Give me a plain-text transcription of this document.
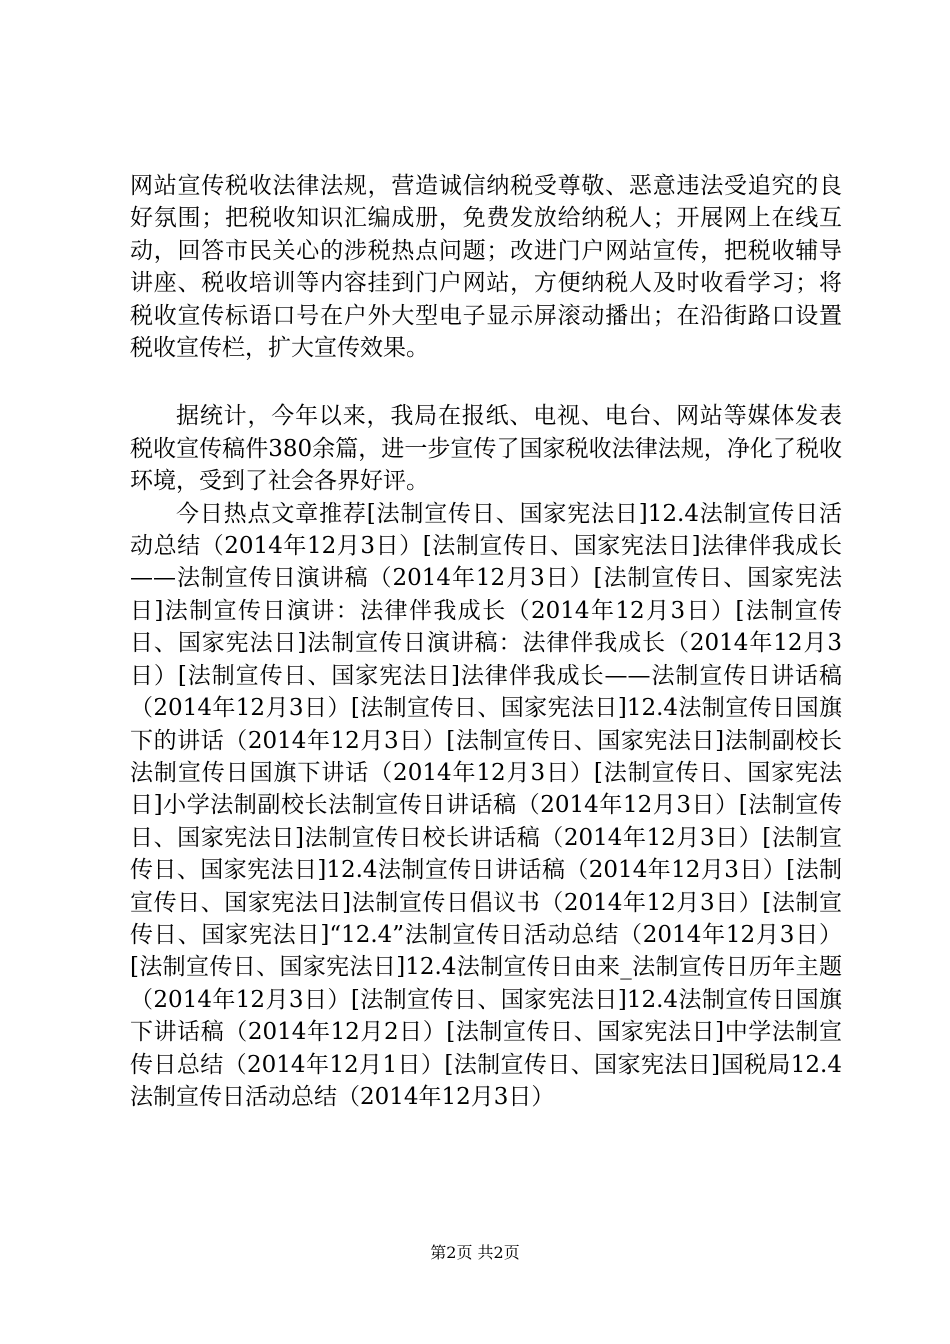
网站宣传税收法律法规，营造诚信纳税受尊敬、恶意违法受追究的良好氛围；把税收知识汇编成册，免费发放给纳税人；开展网上在线互动，回答市民关心的涉税热点问题；改进门户网站宣传，把税收辅导讲座、税收培训等内容挂到门户网站，方便纳税人及时收看学习；将税收宣传标语口号在户外大型电子显示屏滚动播出；在沿街路口设置税收宣传栏，扩大宣传效果。

据统计，今年以来，我局在报纸、电视、电台、网站等媒体发表税收宣传稿件380余篇，进一步宣传了国家税收法律法规，净化了税收环境，受到了社会各界好评。

今日热点文章推荐[法制宣传日、国家宪法日]12.4法制宣传日活动总结（2014年12月3日）[法制宣传日、国家宪法日]法律伴我成长——法制宣传日演讲稿（2014年12月3日）[法制宣传日、国家宪法日]法制宣传日演讲：法律伴我成长（2014年12月3日）[法制宣传日、国家宪法日]法制宣传日演讲稿：法律伴我成长（2014年12月3日）[法制宣传日、国家宪法日]法律伴我成长——法制宣传日讲话稿（2014年12月3日）[法制宣传日、国家宪法日]12.4法制宣传日国旗下的讲话（2014年12月3日）[法制宣传日、国家宪法日]法制副校长法制宣传日国旗下讲话（2014年12月3日）[法制宣传日、国家宪法日]小学法制副校长法制宣传日讲话稿（2014年12月3日）[法制宣传日、国家宪法日]法制宣传日校长讲话稿（2014年12月3日）[法制宣传日、国家宪法日]12.4法制宣传日讲话稿（2014年12月3日）[法制宣传日、国家宪法日]法制宣传日倡议书（2014年12月3日）[法制宣传日、国家宪法日]“12.4”法制宣传日活动总结（2014年12月3日）[法制宣传日、国家宪法日]12.4法制宣传日由来_法制宣传日历年主题（2014年12月3日）[法制宣传日、国家宪法日]12.4法制宣传日国旗下讲话稿（2014年12月2日）[法制宣传日、国家宪法日]中学法制宣传日总结（2014年12月1日）[法制宣传日、国家宪法日]国税局12.4法制宣传日活动总结（2014年12月3日）

第2页 共2页
